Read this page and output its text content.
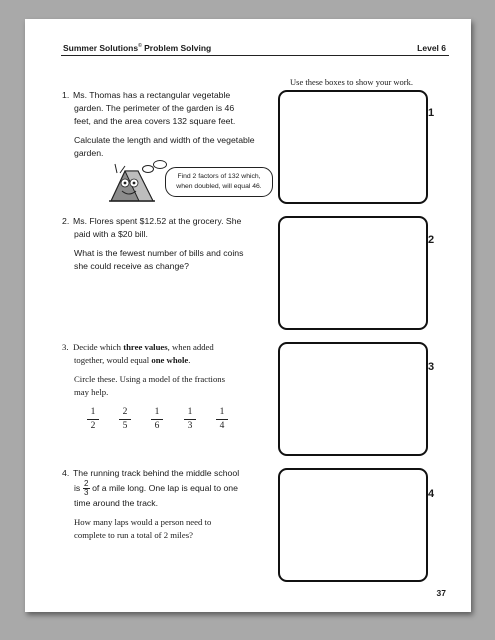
Summer Solutions© Problem Solving	Level 6
Use these boxes to show your work.
1
2
3
4

1. Ms. Thomas has a rectangular vegetable
garden. The perimeter of the garden is 46
feet, and the area covers 132 square feet.

Calculate the length and width of the vegetable
garden.

Find 2 factors of 132 which,
when doubled, will equal 46.

2. Ms. Flores spent $12.52 at the grocery. She
paid with a $20 bill.

What is the fewest number of bills and coins
she could receive as change?

3. Decide which three values, when added
together, would equal one whole.

Circle these. Using a model of the fractions
may help.

1
2
2
5
1
6
1
3
1
4

4. The running track behind the middle school
is $\frac{2}{3}$ of a mile long. One lap is equal to one
time around the track.

How many laps would a person need to
complete to run a total of 2 miles?

37
